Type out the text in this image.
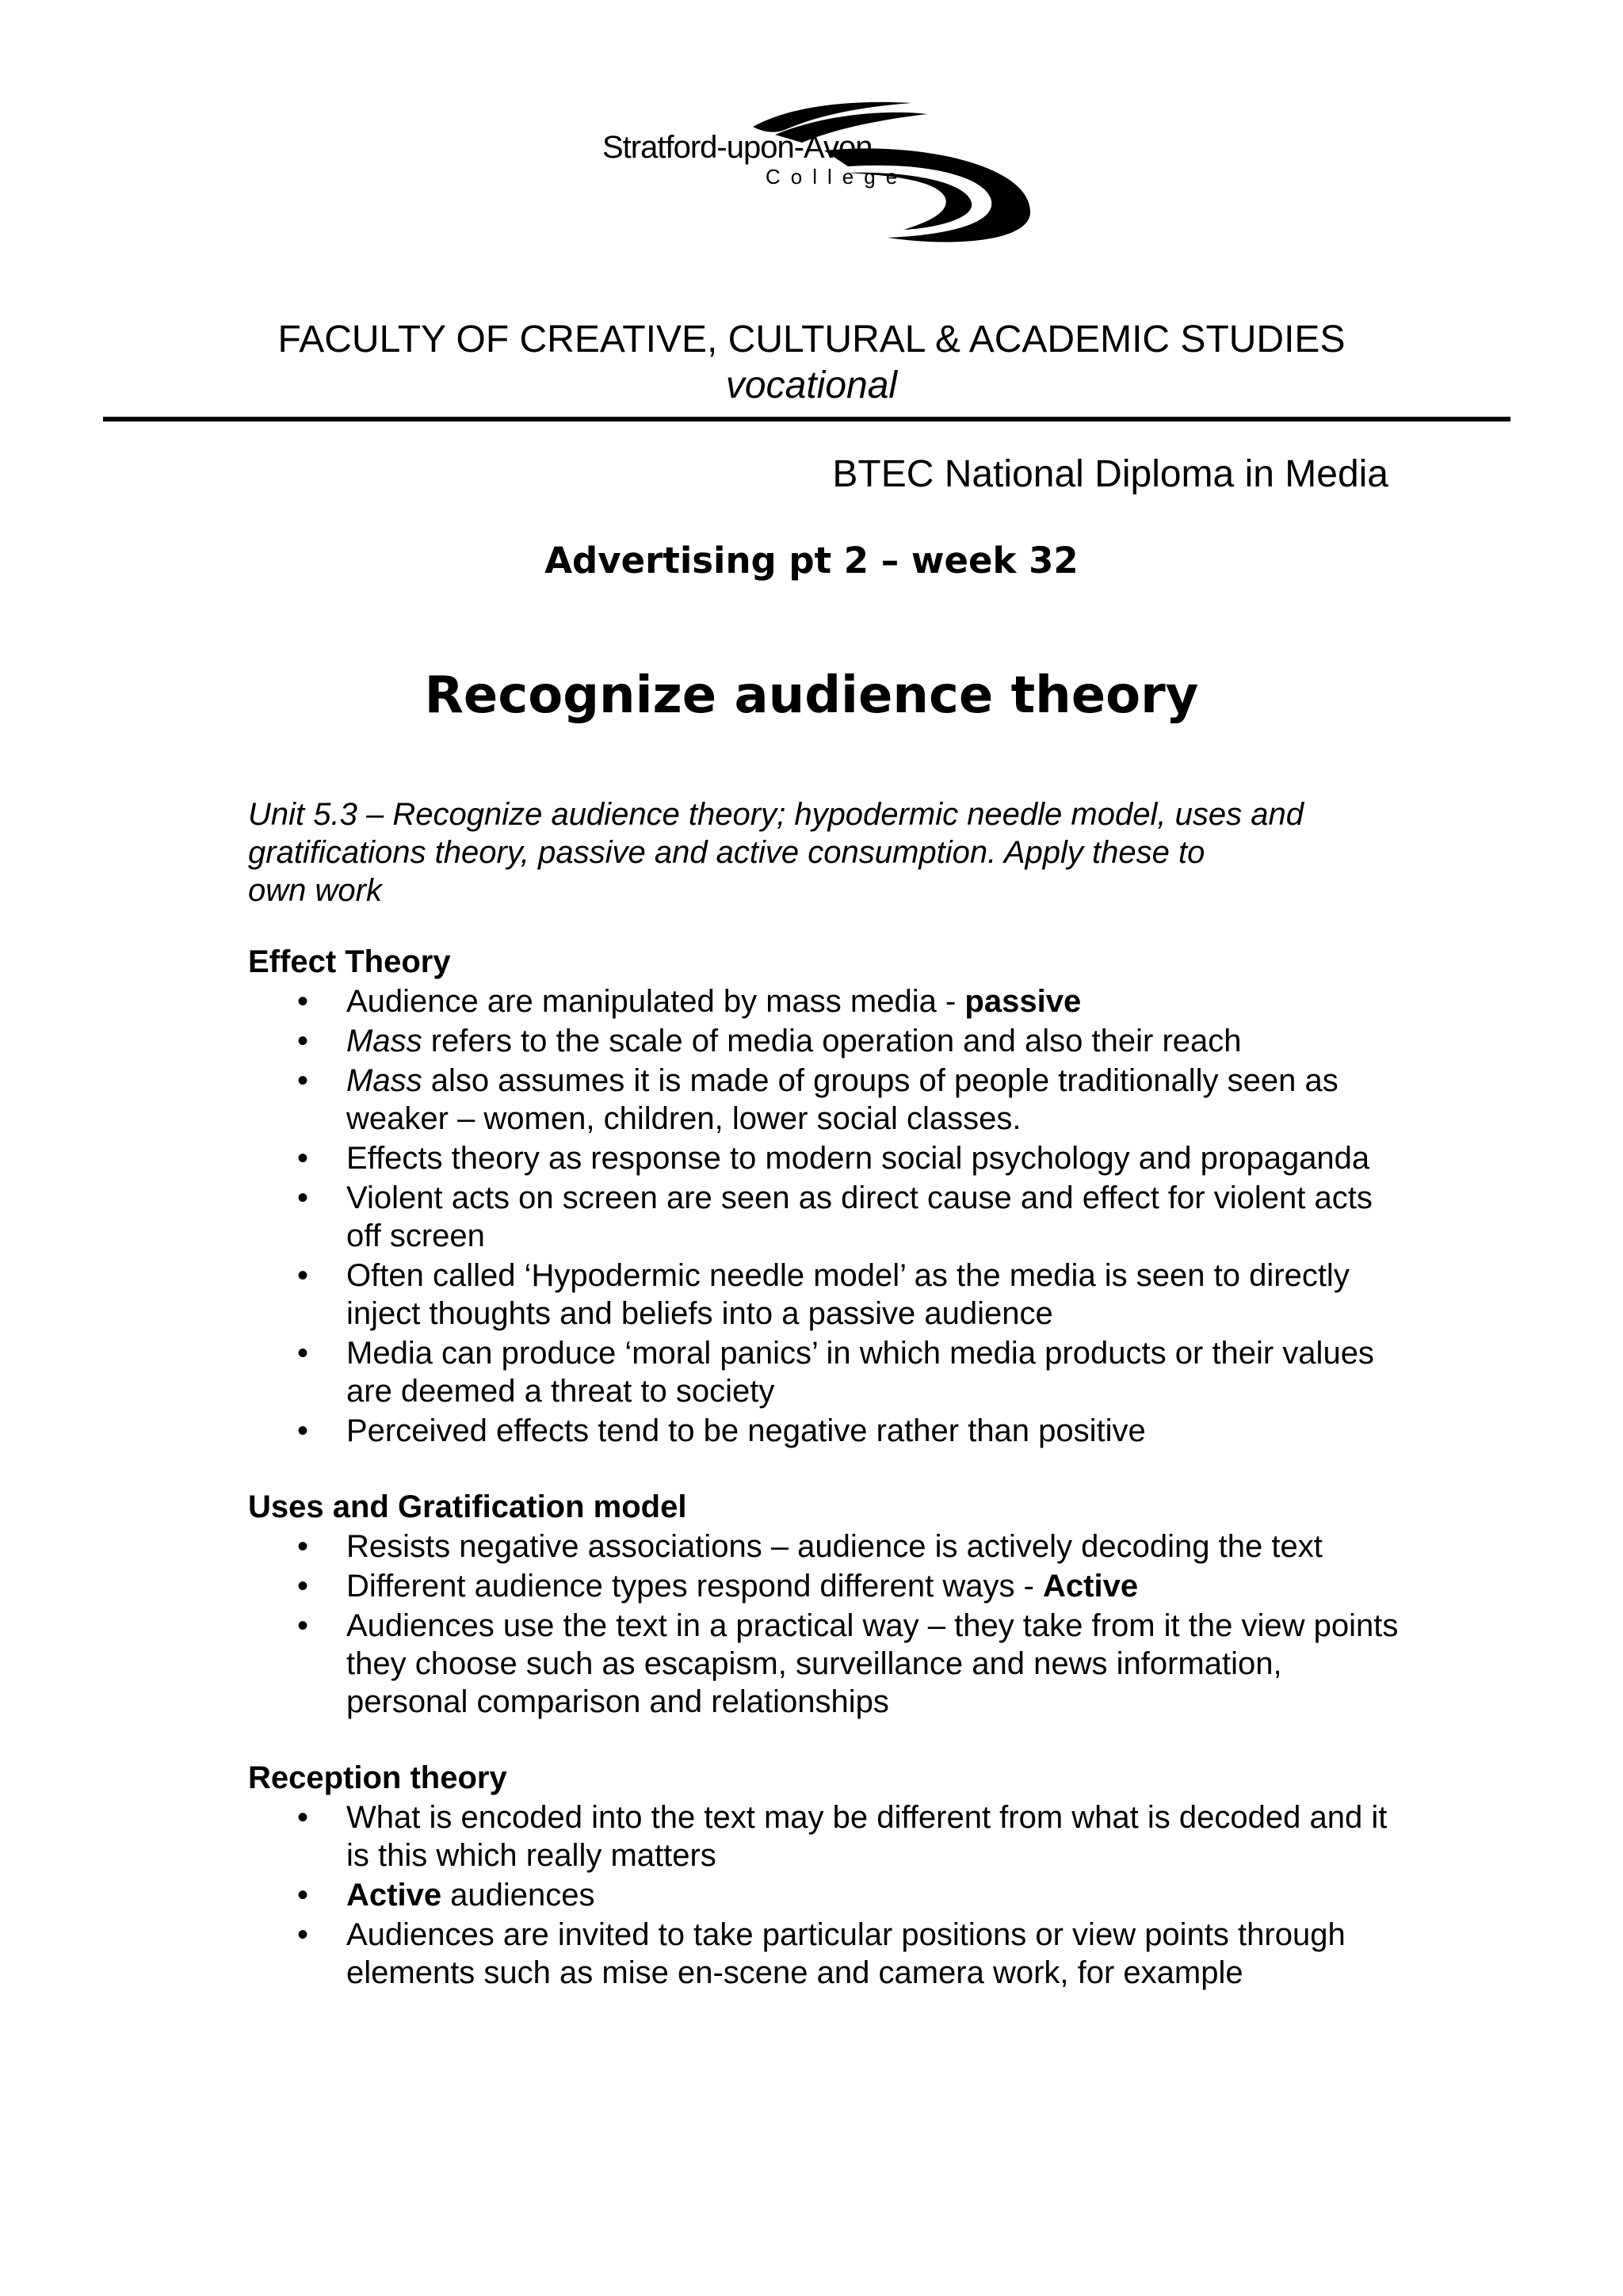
Stratford-upon-Avon
College
FACULTY OF CREATIVE, CULTURAL & ACADEMIC STUDIES
vocational
BTEC National Diploma in Media
Advertising pt 2 – week 32
Recognize audience theory

Unit 5.3 – Recognize audience theory; hypodermic needle model, uses and
gratifications theory, passive and active consumption. Apply these to
own work

Effect Theory
• Audience are manipulated by mass media - passive
• Mass refers to the scale of media operation and also their reach
• Mass also assumes it is made of groups of people traditionally seen as weaker – women, children, lower social classes.
• Effects theory as response to modern social psychology and propaganda
• Violent acts on screen are seen as direct cause and effect for violent acts off screen
• Often called ‘Hypodermic needle model’ as the media is seen to directly inject thoughts and beliefs into a passive audience
• Media can produce ‘moral panics’ in which media products or their values are deemed a threat to society
• Perceived effects tend to be negative rather than positive
Uses and Gratification model
• Resists negative associations – audience is actively decoding the text
• Different audience types respond different ways - Active
• Audiences use the text in a practical way – they take from it the view points they choose such as escapism, surveillance and news information, personal comparison and relationships
Reception theory
• What is encoded into the text may be different from what is decoded and it is this which really matters
• Active audiences
• Audiences are invited to take particular positions or view points through elements such as mise en-scene and camera work, for example
